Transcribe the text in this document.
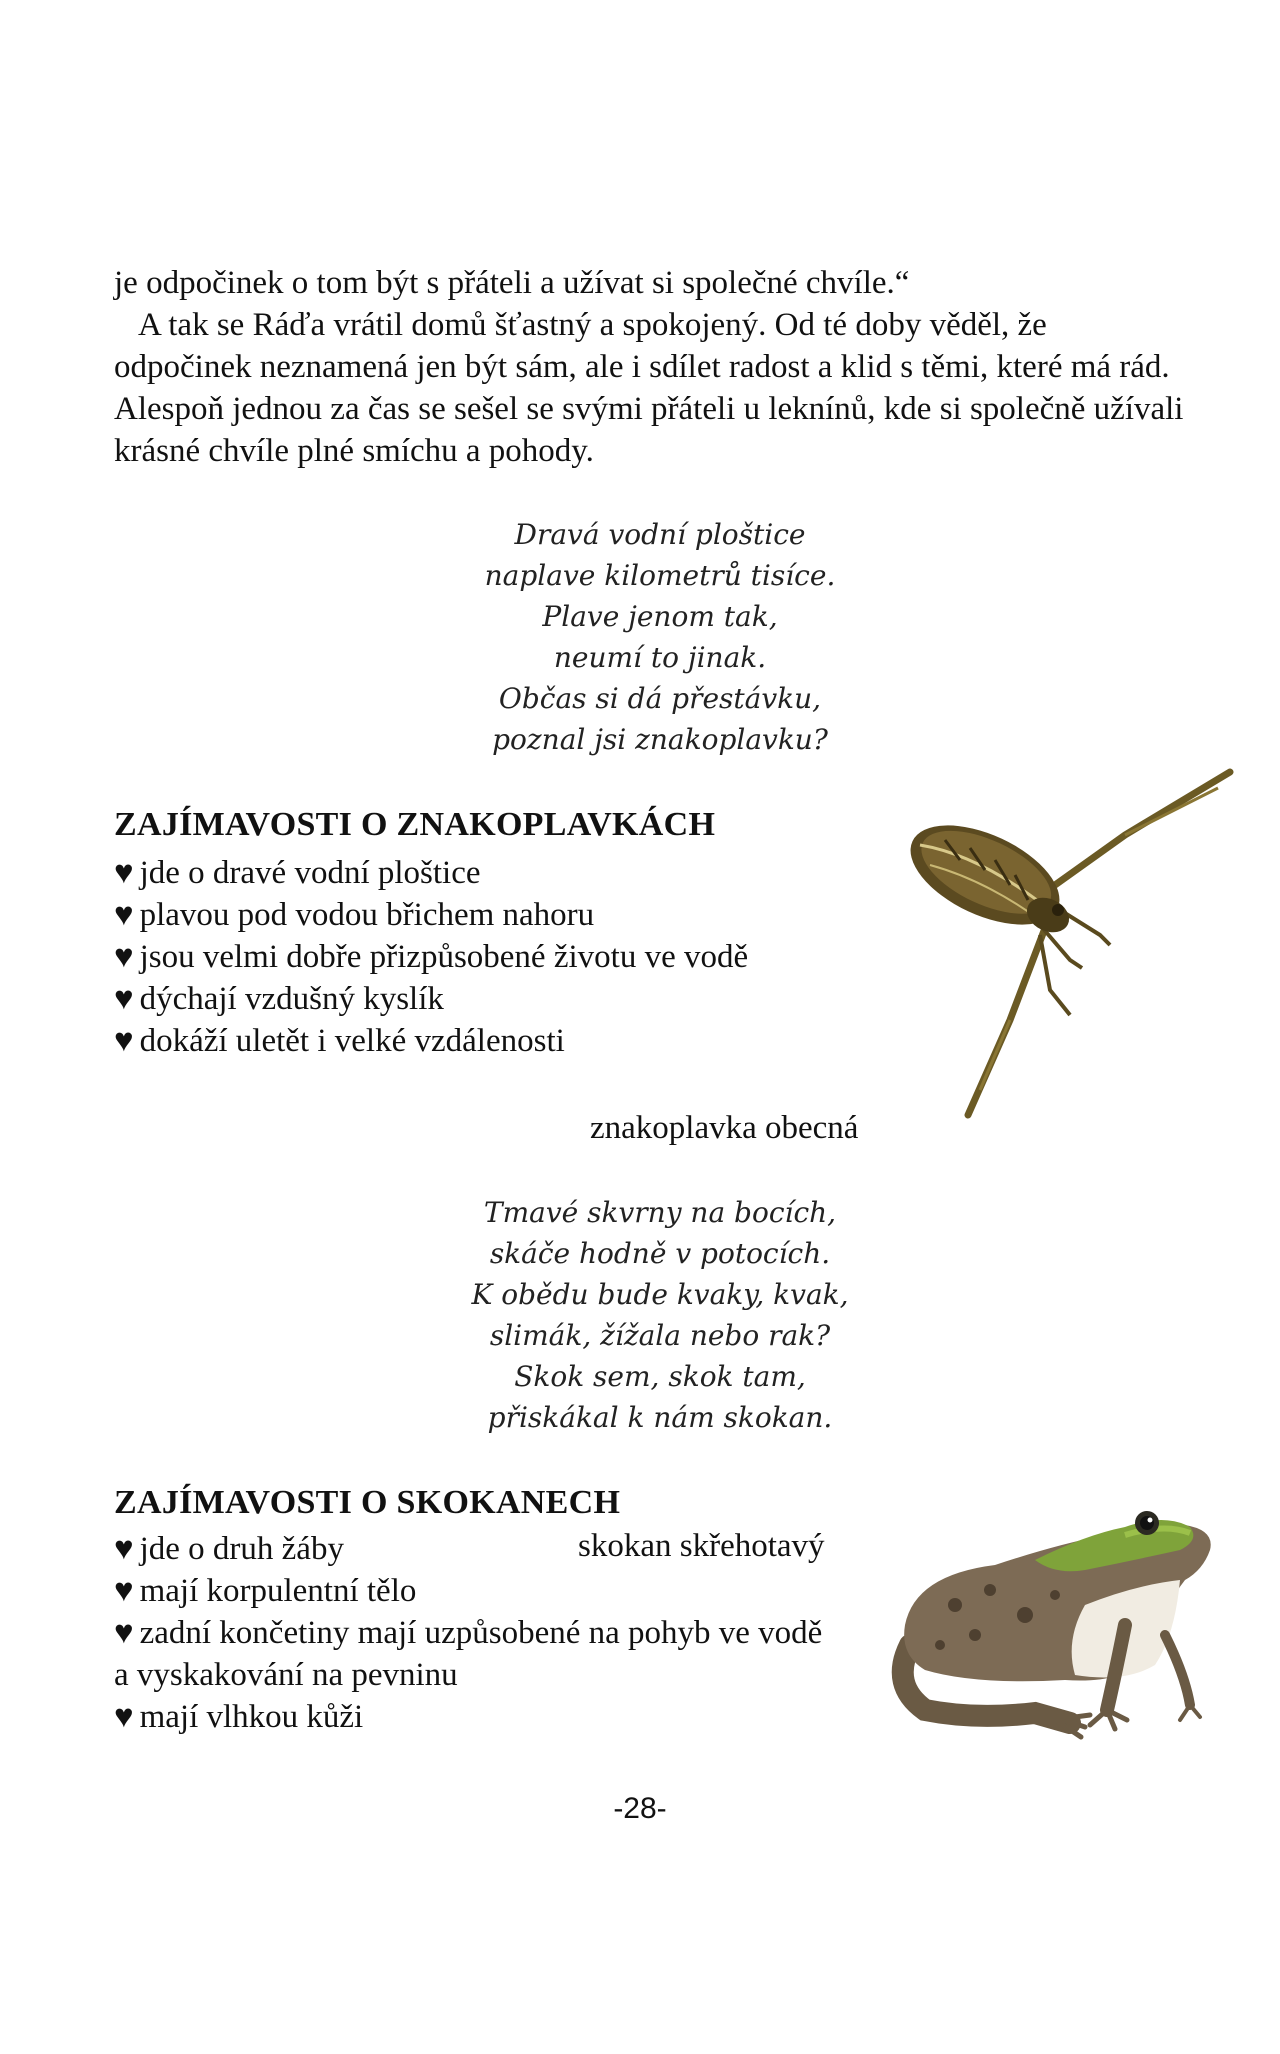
je odpočinek o tom být s přáteli a užívat si společné chvíle.“

A tak se Ráďa vrátil domů šťastný a spokojený. Od té doby věděl, že odpočinek neznamená jen být sám, ale i sdílet radost a klid s těmi, které má rád. Alespoň jednou za čas se sešel se svými přáteli u leknínů, kde si společně užívali krásné chvíle plné smíchu a pohody.

Dravá vodní ploštice
naplave kilometrů tisíce.
Plave jenom tak,
neumí to jinak.
Občas si dá přestávku,
poznal jsi znakoplavku?
ZAJÍMAVOSTI O ZNAKOPLAVKÁCH
♥ jde o dravé vodní ploštice
♥ plavou pod vodou břichem nahoru
♥ jsou velmi dobře přizpůsobené životu ve vodě
♥ dýchají vzdušný kyslík
♥ dokáží uletět i velké vzdálenosti
znakoplavka obecná
Tmavé skvrny na bocích,
skáče hodně v potocích.
K obědu bude kvaky, kvak,
slimák, žížala nebo rak?
Skok sem, skok tam,
přiskákal k nám skokan.
ZAJÍMAVOSTI O SKOKANECH
♥ jde o druh žáby
♥ mají korpulentní tělo
♥ zadní končetiny mají uzpůsobené na pohyb ve vodě a vyskakování na pevninu
♥ mají vlhkou kůži
skokan skřehotavý
-28-
